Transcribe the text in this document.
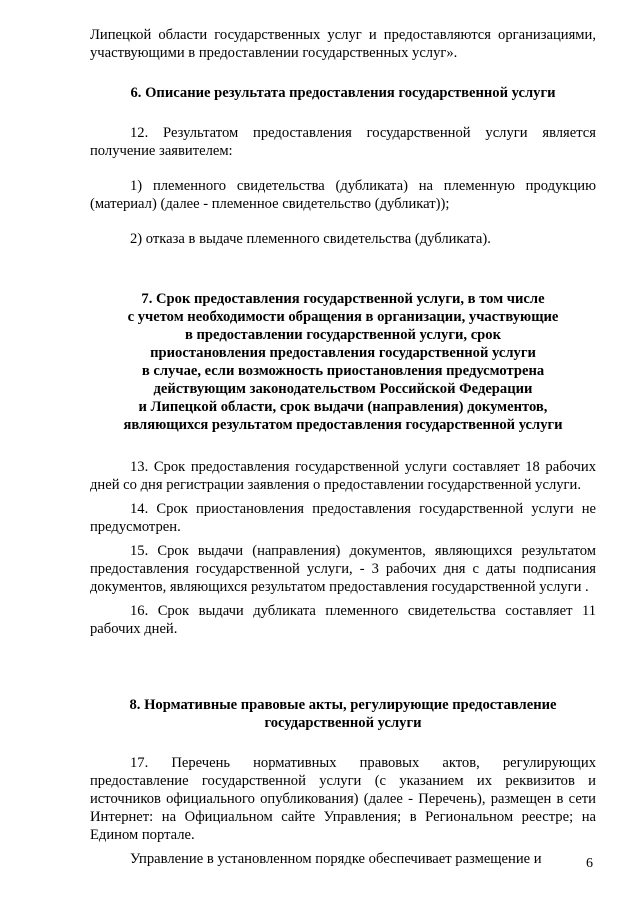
Липецкой области государственных услуг и предоставляются организациями, участвующими в предоставлении государственных услуг».

6. Описание результата предоставления государственной услуги

12. Результатом предоставления государственной услуги является получение заявителем:

1) племенного свидетельства (дубликата) на племенную продукцию (материал) (далее - племенное свидетельство (дубликат));

2) отказа в выдаче племенного свидетельства (дубликата).

7. Срок предоставления государственной услуги, в том числе
с учетом необходимости обращения в организации, участвующие
в предоставлении государственной услуги, срок
приостановления предоставления государственной услуги
в случае, если возможность приостановления предусмотрена
действующим законодательством Российской Федерации
и Липецкой области, срок выдачи (направления) документов,
являющихся результатом предоставления государственной услуги

13. Срок предоставления государственной услуги составляет 18 рабочих дней со дня регистрации заявления о предоставлении государственной услуги.

14. Срок приостановления предоставления государственной услуги не предусмотрен.

15. Срок выдачи (направления) документов, являющихся результатом предоставления государственной услуги, - 3 рабочих дня с даты подписания документов, являющихся результатом предоставления государственной услуги .

16. Срок выдачи дубликата племенного свидетельства составляет 11 рабочих дней.

8. Нормативные правовые акты, регулирующие предоставление
государственной услуги

17. Перечень нормативных правовых актов, регулирующих предоставление государственной услуги (с указанием их реквизитов и источников официального опубликования) (далее - Перечень), размещен в сети Интернет: на Официальном сайте Управления; в Региональном реестре; на Едином портале.

Управление в установленном порядке обеспечивает размещение и	6
